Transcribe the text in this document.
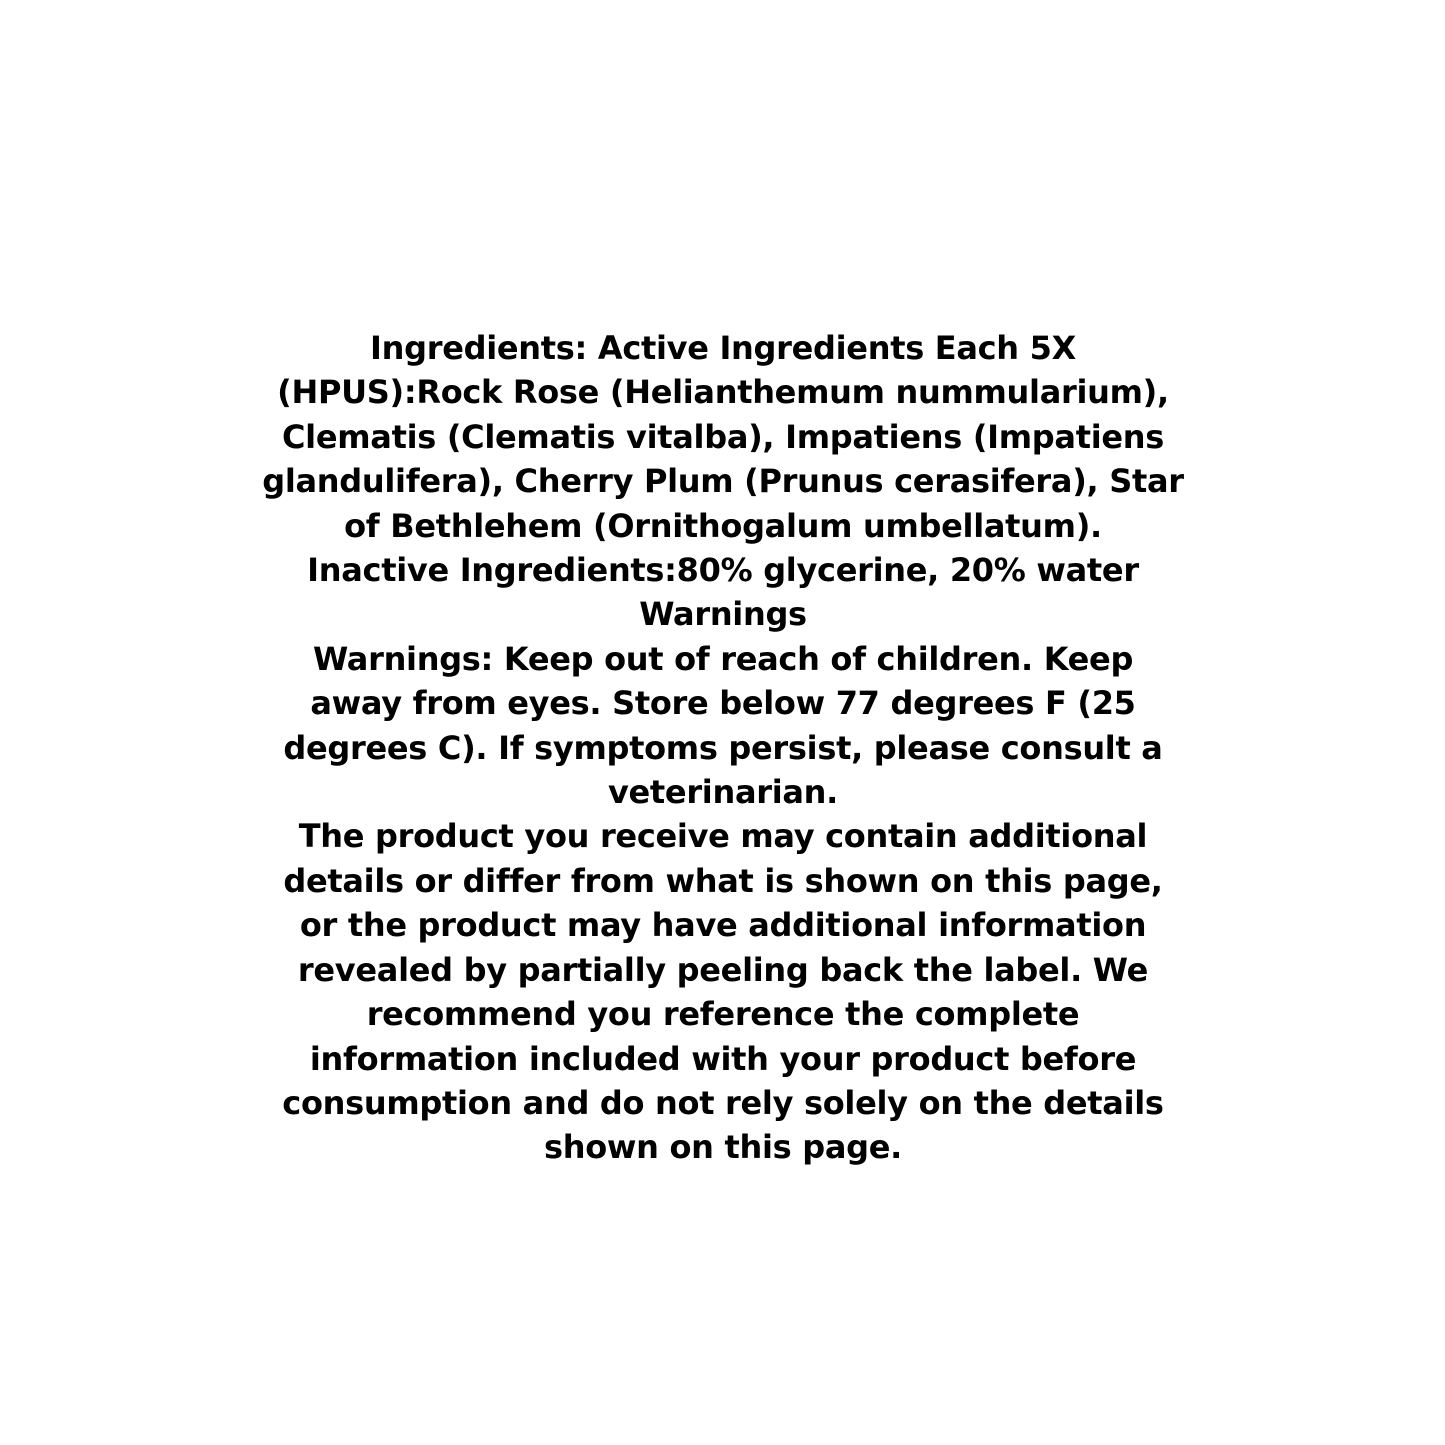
Ingredients: Active Ingredients Each 5X (HPUS):Rock Rose (Helianthemum nummularium), Clematis (Clematis vitalba), Impatiens (Impatiens glandulifera), Cherry Plum (Prunus cerasifera), Star of Bethlehem (Ornithogalum umbellatum).

Inactive Ingredients:80% glycerine, 20% water

Warnings

Warnings: Keep out of reach of children. Keep away from eyes. Store below 77 degrees F (25 degrees C). If symptoms persist, please consult a veterinarian.

The product you receive may contain additional details or differ from what is shown on this page, or the product may have additional information revealed by partially peeling back the label. We recommend you reference the complete information included with your product before consumption and do not rely solely on the details shown on this page.
